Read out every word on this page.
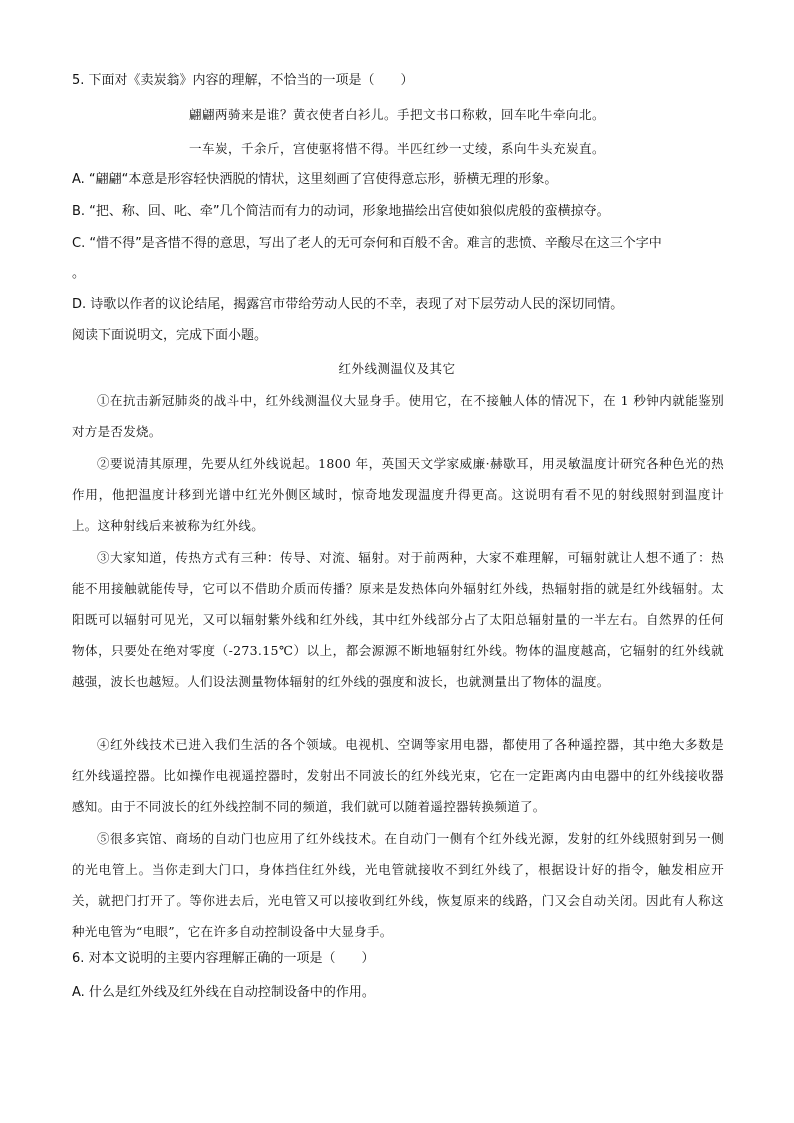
5. 下面对《卖炭翁》内容的理解，不恰当的一项是（　　）
翩翩两骑来是谁？黄衣使者白衫儿。手把文书口称敕，回车叱牛牵向北。
一车炭，千余斤，宫使驱将惜不得。半匹红纱一丈绫，系向牛头充炭直。
A. “翩翩“本意是形容轻快洒脱的情状，这里刻画了宫使得意忘形，骄横无理的形象。
B. “把、称、回、叱、牵”几个简洁而有力的动词，形象地描绘出宫使如狼似虎般的蛮横掠夺。
C. “惜不得”是吝惜不得的意思，写出了老人的无可奈何和百般不舍。难言的悲愤、辛酸尽在这三个字中
。
D. 诗歌以作者的议论结尾，揭露宫市带给劳动人民的不幸，表现了对下层劳动人民的深切同情。
阅读下面说明文，完成下面小题。
红外线测温仪及其它

①在抗击新冠肺炎的战斗中，红外线测温仪大显身手。使用它，在不接触人体的情况下，在 1 秒钟内就能鉴别对方是否发烧。

②要说清其原理，先要从红外线说起。1800 年，英国天文学家威廉·赫歇耳，用灵敏温度计研究各种色光的热作用，他把温度计移到光谱中红光外侧区域时，惊奇地发现温度升得更高。这说明有看不见的射线照射到温度计上。这种射线后来被称为红外线。

③大家知道，传热方式有三种：传导、对流、辐射。对于前两种，大家不难理解，可辐射就让人想不通了：热能不用接触就能传导，它可以不借助介质而传播？原来是发热体向外辐射红外线，热辐射指的就是红外线辐射。太阳既可以辐射可见光，又可以辐射紫外线和红外线，其中红外线部分占了太阳总辐射量的一半左右。自然界的任何物体，只要处在绝对零度（-273.15℃）以上，都会源源不断地辐射红外线。物体的温度越高，它辐射的红外线就越强，波长也越短。人们设法测量物体辐射的红外线的强度和波长，也就测量出了物体的温度。

④红外线技术已进入我们生活的各个领域。电视机、空调等家用电器，都使用了各种遥控器，其中绝大多数是红外线遥控器。比如操作电视遥控器时，发射出不同波长的红外线光束，它在一定距离内由电器中的红外线接收器感知。由于不同波长的红外线控制不同的频道，我们就可以随着遥控器转换频道了。

⑤很多宾馆、商场的自动门也应用了红外线技术。在自动门一侧有个红外线光源，发射的红外线照射到另一侧的光电管上。当你走到大门口，身体挡住红外线，光电管就接收不到红外线了，根据设计好的指令，触发相应开关，就把门打开了。等你进去后，光电管又可以接收到红外线，恢复原来的线路，门又会自动关闭。因此有人称这种光电管为“电眼”，它在许多自动控制设备中大显身手。

6. 对本文说明的主要内容理解正确的一项是（　　）
A. 什么是红外线及红外线在自动控制设备中的作用。
